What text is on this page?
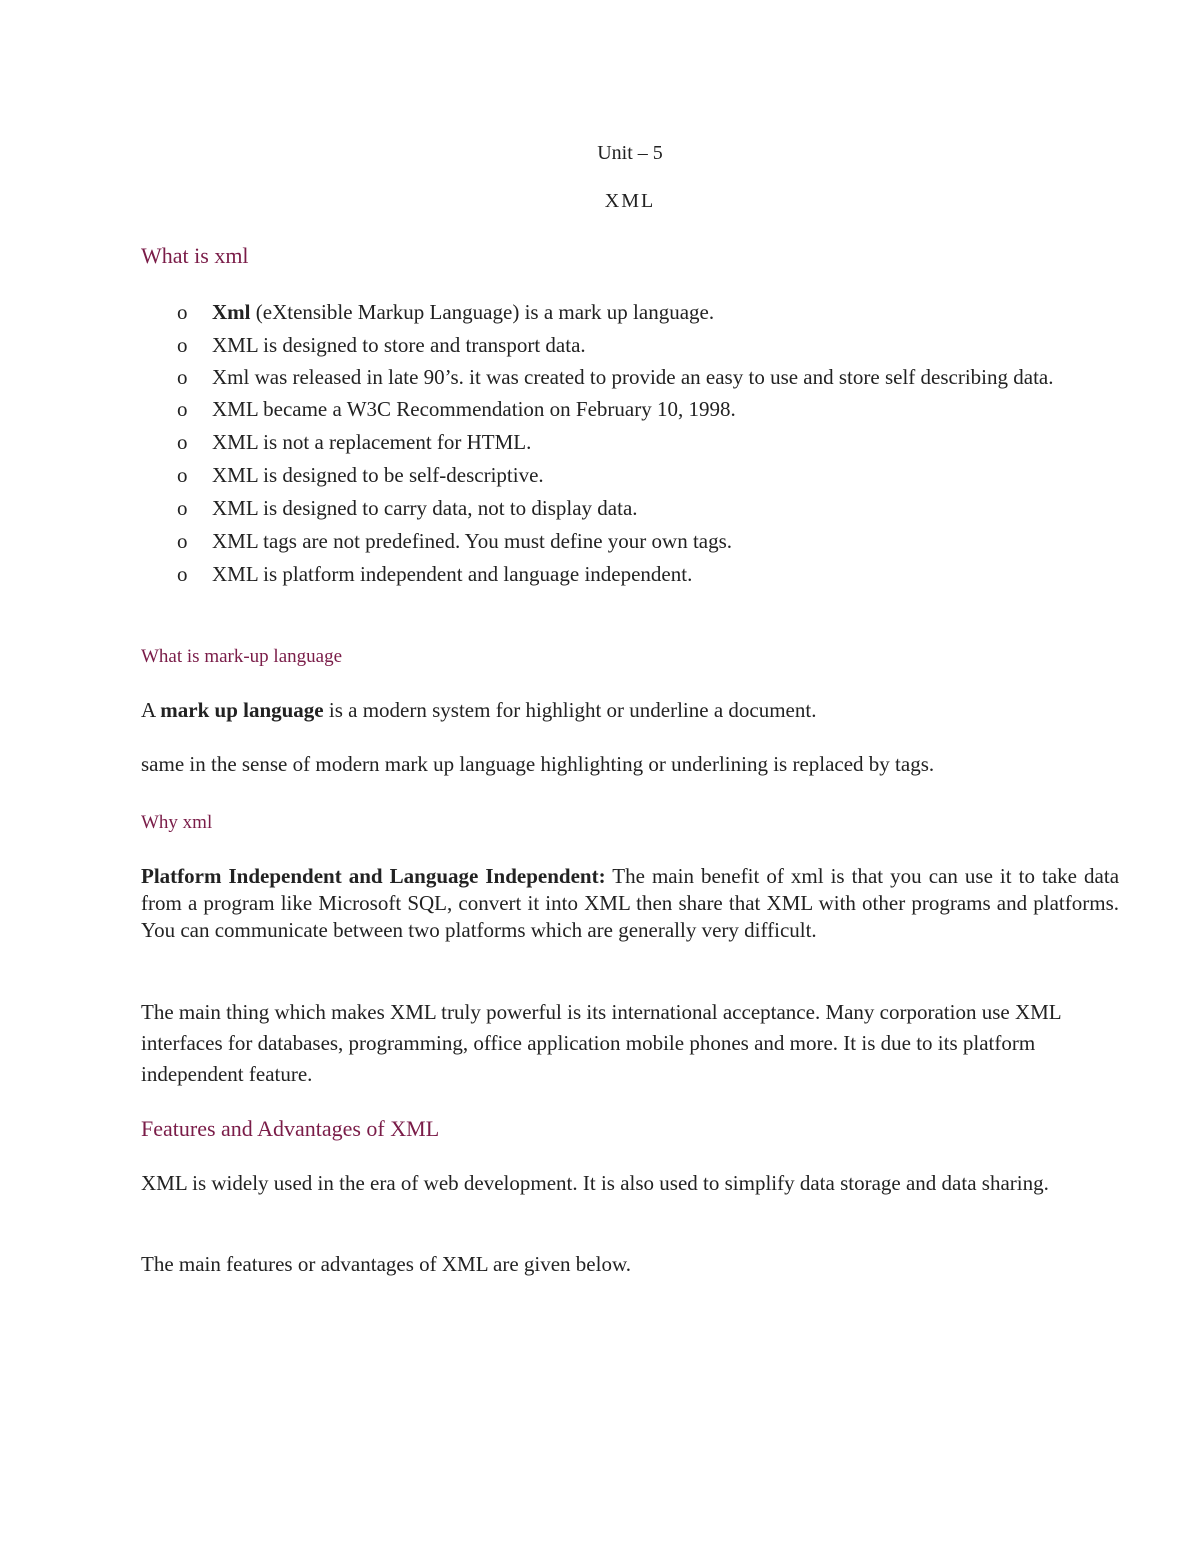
Unit – 5
XML
What is xml
o Xml (eXtensible Markup Language) is a mark up language.
o XML is designed to store and transport data.
o Xml was released in late 90’s. it was created to provide an easy to use and store self describing data.
o XML became a W3C Recommendation on February 10, 1998.
o XML is not a replacement for HTML.
o XML is designed to be self-descriptive.
o XML is designed to carry data, not to display data.
o XML tags are not predefined. You must define your own tags.
o XML is platform independent and language independent.
What is mark-up language

A mark up language is a modern system for highlight or underline a document.

same in the sense of modern mark up language highlighting or underlining is replaced by tags.

Why xml

Platform Independent and Language Independent: The main benefit of xml is that you can use it to take data from a program like Microsoft SQL, convert it into XML then share that XML with other programs and platforms. You can communicate between two platforms which are generally very difficult.

The main thing which makes XML truly powerful is its international acceptance. Many corporation use XML interfaces for databases, programming, office application mobile phones and more. It is due to its platform independent feature.

Features and Advantages of XML

XML is widely used in the era of web development. It is also used to simplify data storage and data sharing.

The main features or advantages of XML are given below.
